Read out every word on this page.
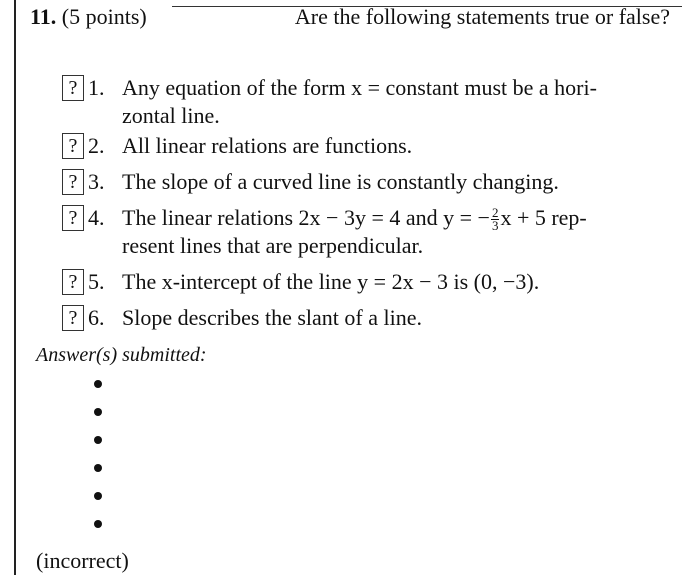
11. (5 points)	Are the following statements true or false?
? 1. Any equation of the form x = constant must be a hori-
zontal line.
? 2. All linear relations are functions.
? 3. The slope of a curved line is constantly changing.
? 4. The linear relations 2x − 3y = 4 and y = − $\frac{2}{3}$ x + 5 rep-
resent lines that are perpendicular.
? 5. The x-intercept of the line y = 2x − 3 is (0, −3).
? 6. Slope describes the slant of a line.
Answer(s) submitted:
(incorrect)
